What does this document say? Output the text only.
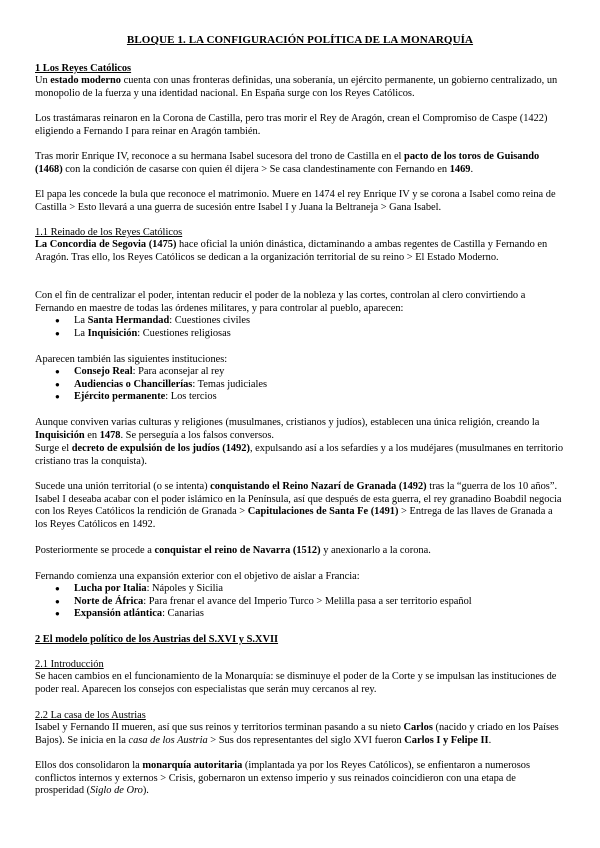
BLOQUE 1. LA CONFIGURACIÓN POLÍTICA DE LA MONARQUÍA

1 Los Reyes Católicos

Un estado moderno cuenta con unas fronteras definidas, una soberanía, un ejército permanente, un gobierno centralizado, un monopolio de la fuerza y una identidad nacional. En España surge con los Reyes Católicos.

Los trastámaras reinaron en la Corona de Castilla, pero tras morir el Rey de Aragón, crean el Compromiso de Caspe (1422) eligiendo a Fernando I para reinar en Aragón también.

Tras morir Enrique IV, reconoce a su hermana Isabel sucesora del trono de Castilla en el pacto de los toros de Guisando (1468) con la condición de casarse con quien él dijera > Se casa clandestinamente con Fernando en 1469.

El papa les concede la bula que reconoce el matrimonio. Muere en 1474 el rey Enrique IV y se corona a Isabel como reina de Castilla > Esto llevará a una guerra de sucesión entre Isabel I y Juana la Beltraneja > Gana Isabel.

1.1 Reinado de los Reyes Católicos

La Concordia de Segovia (1475) hace oficial la unión dinástica, dictaminando a ambas regentes de Castilla y Fernando en Aragón. Tras ello, los Reyes Católicos se dedican a la organización territorial de su reino > El Estado Moderno.

Con el fin de centralizar el poder, intentan reducir el poder de la nobleza y las cortes, controlan al clero convirtiendo a Fernando en maestre de todas las órdenes militares, y para controlar al pueblo, aparecen:

● La Santa Hermandad: Cuestiones civiles
● La Inquisición: Cuestiones religiosas

Aparecen también las siguientes instituciones:

● Consejo Real: Para aconsejar al rey
● Audiencias o Chancillerías: Temas judiciales
● Ejército permanente: Los tercios

Aunque conviven varias culturas y religiones (musulmanes, cristianos y judíos), establecen una única religión, creando la Inquisición en 1478. Se perseguía a los falsos conversos.

Surge el decreto de expulsión de los judíos (1492), expulsando así a los sefardíes y a los mudéjares (musulmanes en territorio cristiano tras la conquista).

Sucede una unión territorial (o se intenta) conquistando el Reino Nazarí de Granada (1492) tras la “guerra de los 10 años”. Isabel I deseaba acabar con el poder islámico en la Península, así que después de esta guerra, el rey granadino Boabdil negocia con los Reyes Católicos la rendición de Granada > Capitulaciones de Santa Fe (1491) > Entrega de las llaves de Granada a los Reyes Católicos en 1492.

Posteriormente se procede a conquistar el reino de Navarra (1512) y anexionarlo a la corona.

Fernando comienza una expansión exterior con el objetivo de aislar a Francia:

● Lucha por Italia: Nápoles y Sicilia
● Norte de África: Para frenar el avance del Imperio Turco > Melilla pasa a ser territorio español
● Expansión atlántica: Canarias

2 El modelo político de los Austrias del S.XVI y S.XVII

2.1 Introducción

Se hacen cambios en el funcionamiento de la Monarquía: se disminuye el poder de la Corte y se impulsan las instituciones de poder real. Aparecen los consejos con especialistas que serán muy cercanos al rey.

2.2 La casa de los Austrias

Isabel y Fernando II mueren, así que sus reinos y territorios terminan pasando a su nieto Carlos (nacido y criado en los Países Bajos). Se inicia en la casa de los Austria > Sus dos representantes del siglo XVI fueron Carlos I y Felipe II.

Ellos dos consolidaron la monarquía autoritaria (implantada ya por los Reyes Católicos), se enfientaron a numerosos conflictos internos y externos > Crisis, gobernaron un extenso imperio y sus reinados coincidieron con una etapa de prosperidad (Siglo de Oro).
